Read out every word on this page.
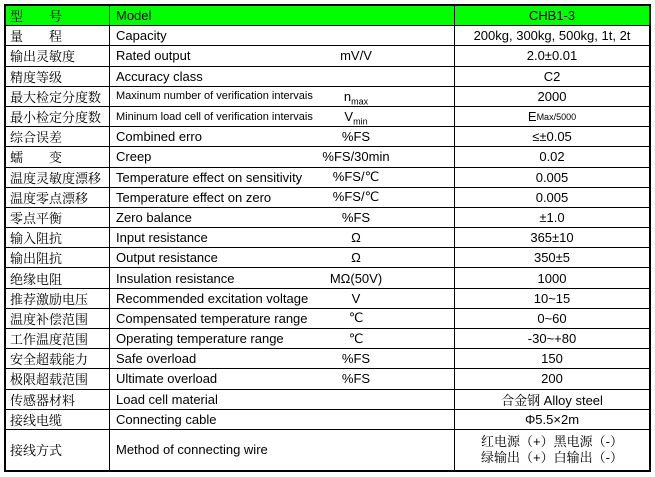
型　　号	Model	CHB1-3
量　　程	Capacity	200kg, 300kg, 500kg, 1t, 2t
输出灵敏度	Rated output	mV/V	2.0±0.01
精度等级	Accuracy class	C2
最大检定分度数	Maxinum number of verification intervais $n_{max}$	2000
最小检定分度数	Mininum load cell of verification intervais $V_{min}$	E Max/5000
综合误差	Combined erro	%FS	≤±0.05
蠕　　变	Creep	%FS/30min	0.02
温度灵敏度漂移	Temperature effect on sensitivity %FS/℃	0.005
温度零点漂移	Temperature effect on zero	%FS/℃	0.005
零点平衡	Zero balance	%FS	±1.0
输入阻抗	Input resistance	Ω	365±10
输出阻抗	Output resistance	Ω	350±5
绝缘电阻	Insulation resistance	MΩ(50V)	1000
推荐激励电压	Recommended excitation voltage	V	10~15
温度补偿范围	Compensated temperature range	℃	0~60
工作温度范围	Operating temperature range	℃	-30~+80
安全超载能力	Safe overload	%FS	150
极限超载范围	Ultimate overload	%FS	200
传感器材料	Load cell material	合金钢 Alloy steel
接线电缆	Connecting cable	Φ5.5×2m
接线方式	Method of connecting wire
红电源（+）黑电源（-）
绿输出（+）白输出（-）
